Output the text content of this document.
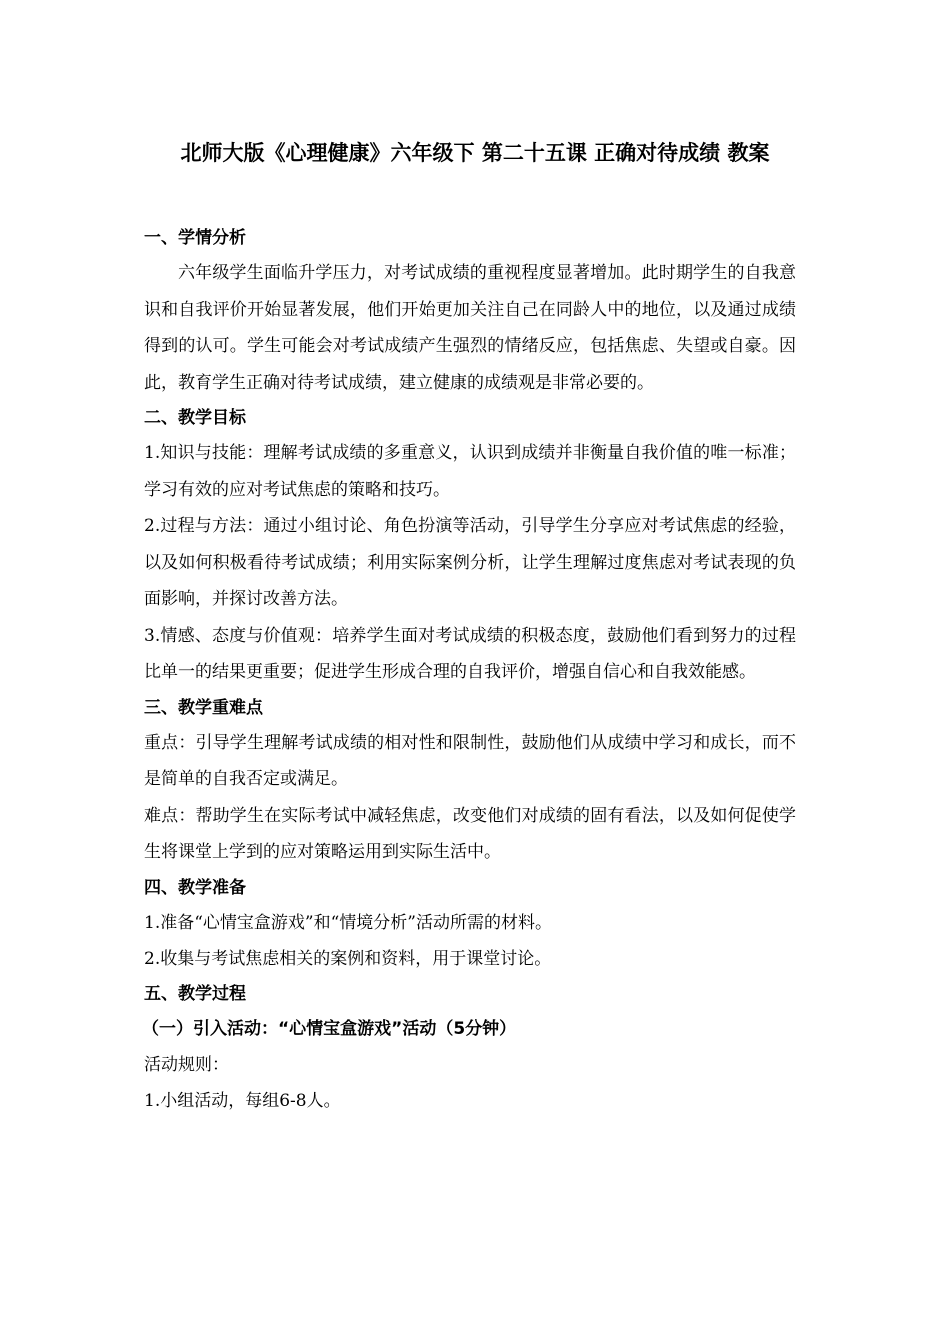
北师大版《心理健康》六年级下 第二十五课 正确对待成绩 教案
一、学情分析
六年级学生面临升学压力，对考试成绩的重视程度显著增加。此时期学生的自我意识和自我评价开始显著发展，他们开始更加关注自己在同龄人中的地位，以及通过成绩得到的认可。学生可能会对考试成绩产生强烈的情绪反应，包括焦虑、失望或自豪。因此，教育学生正确对待考试成绩，建立健康的成绩观是非常必要的。
二、教学目标
1.知识与技能：理解考试成绩的多重意义，认识到成绩并非衡量自我价值的唯一标准；学习有效的应对考试焦虑的策略和技巧。
2.过程与方法：通过小组讨论、角色扮演等活动，引导学生分享应对考试焦虑的经验，以及如何积极看待考试成绩；利用实际案例分析，让学生理解过度焦虑对考试表现的负面影响，并探讨改善方法。
3.情感、态度与价值观：培养学生面对考试成绩的积极态度，鼓励他们看到努力的过程比单一的结果更重要；促进学生形成合理的自我评价，增强自信心和自我效能感。
三、教学重难点
重点：引导学生理解考试成绩的相对性和限制性，鼓励他们从成绩中学习和成长，而不是简单的自我否定或满足。
难点：帮助学生在实际考试中减轻焦虑，改变他们对成绩的固有看法，以及如何促使学生将课堂上学到的应对策略运用到实际生活中。
四、教学准备
1.准备“心情宝盒游戏”和“情境分析”活动所需的材料。
2.收集与考试焦虑相关的案例和资料，用于课堂讨论。
五、教学过程
（一）引入活动：“心情宝盒游戏”活动（5分钟）
活动规则：
1.小组活动，每组6-8人。
